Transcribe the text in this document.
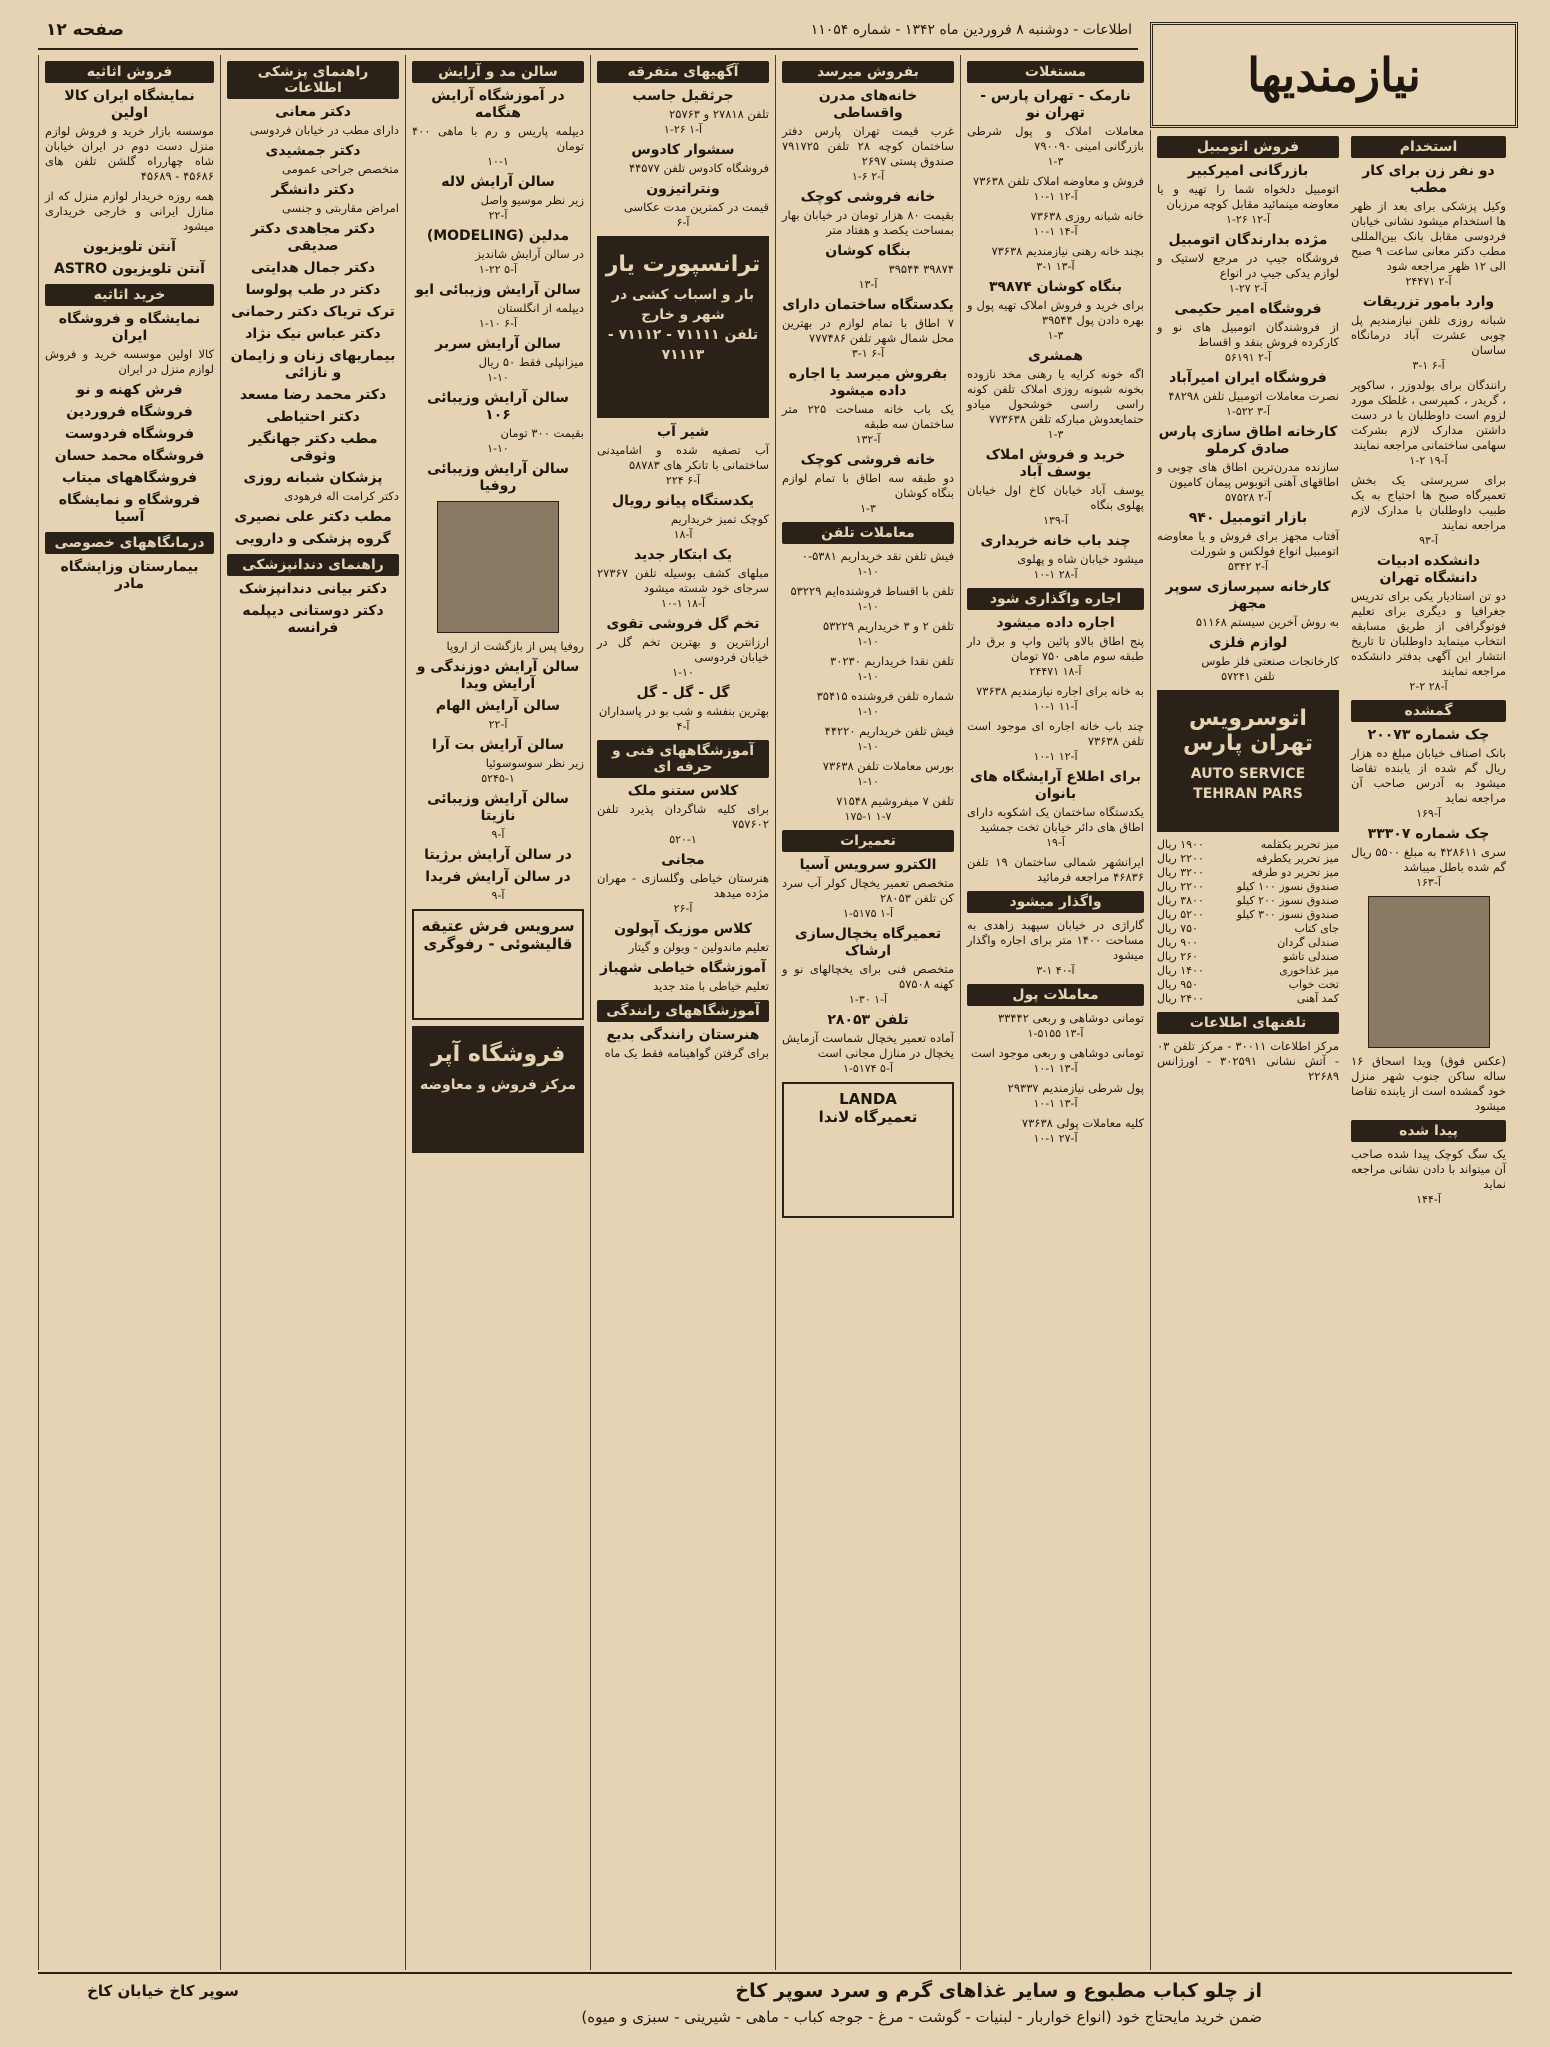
صفحه ۱۲	اطلاعات - دوشنبه ۸ فروردین ماه ۱۳۴۲ - شماره ۱۱۰۵۴
نیازمندیها
استخدام
دو نفر زن برای کار مطب
وکیل پزشکی برای بعد از ظهر ها استخدام میشود نشانی خیابان فردوسی مقابل بانک بین‌المللی مطب دکتر معانی ساعت ۹ صبح الی ۱۲ ظهر مراجعه شود
آ-۲ ۲۴۴۷۱
وارد بامور تزریقات
شبانه روزی تلفن نیازمندیم پل چوبی عشرت آباد درمانگاه ساسان
آ-۶ ۱-۳
رانندگان برای بولدوزر ، ساکوپر ، گریدر ، کمپرسی ، غلطک مورد لزوم است داوطلبان با در دست داشتن مدارک لازم بشرکت سهامی ساختمانی مراجعه نمایند
آ-۱۹ ۲-۱
برای سرپرستی یک بخش تعمیرگاه صبح ها احتیاج به یک طبیب داوطلبان با مدارک لازم مراجعه نمایند
آ-۹۳
دانشکده ادبیات دانشگاه تهران
دو تن استادیار یکی برای تدریس جغرافیا و دیگری برای تعلیم فوتوگرافی از طریق مسابقه انتخاب مینماید داوطلبان تا تاریخ انتشار این آگهی بدفتر دانشکده مراجعه نمایند
آ-۲۸ ۲-۲
گمشده
چک شماره ۲۰۰۷۳
بانک اصناف خیابان مبلغ ده هزار ریال گم شده از یابنده تقاضا میشود به آدرس صاحب آن مراجعه نماید
آ-۱۶۹
چک شماره ۳۳۳۰۷
سری ۴۲۸۶۱۱ به مبلغ ۵۵۰۰ ریال گم شده باطل میباشد
آ-۱۶۳
(عکس فوق) ویدا اسحاق ۱۶ ساله ساکن جنوب شهر منزل خود گمشده است از یابنده تقاضا میشود
پیدا شده
یک سگ کوچک پیدا شده صاحب آن میتواند با دادن نشانی مراجعه نماید
آ-۱۴۴
فروش اتومبیل
بازرگانی امیرکبیر
اتومبیل دلخواه شما را تهیه و یا معاوضه مینمائید مقابل کوچه مرزبان
آ-۱۲ ۲۶-۱
مژده بدارندگان اتومبیل
فروشگاه جیپ در مرجع لاستیک و لوازم یدکی جیپ در انواع
آ-۲ ۲۷-۱
فروشگاه امیر حکیمی
از فروشندگان اتومبیل های نو و کارکرده فروش بنقد و اقساط
آ-۲ ۵۶۱۹۱
فروشگاه ایران امیرآباد
نصرت معاملات اتومبیل تلفن ۴۸۲۹۸
آ-۳ ۵۲۲-۱
کارخانه اطاق سازی پارس صادق کرملو
سازنده مدرن‌ترین اطاق های چوبی و اطاقهای آهنی اتوبوس پیمان کامیون
آ-۲ ۵۷۵۲۸
بازار اتومبیل ۹۴۰
آفتاب مجهز برای فروش و یا معاوضه اتومبیل انواع فولکس و شورلت
آ-۲ ۵۳۴۲
کارخانه سپرسازی سوپر مجهز
به روش آخرین سیستم ۵۱۱۶۸
لوازم فلزی
کارخانجات صنعتی فلز طوس
تلفن ۵۷۲۴۱
اتوسرویس تهران پارس
AUTO SERVICE TEHRAN PARS
میز تحریر یکقلمه
۱۹۰۰ ریال
میز تحریر یکطرفه
۲۲۰۰ ریال
میز تحریر دو طرفه
۳۲۰۰ ریال
صندوق نسوز ۱۰۰ کیلو
۲۲۰۰ ریال
صندوق نسوز ۲۰۰ کیلو
۳۸۰۰ ریال
صندوق نسوز ۳۰۰ کیلو
۵۲۰۰ ریال
جای کتاب
۷۵۰ ریال
صندلی گردان
۹۰۰ ریال
صندلی تاشو
۲۶۰ ریال
میز غذاخوری
۱۴۰۰ ریال
تخت خواب
۹۵۰ ریال
کمد آهنی
۲۴۰۰ ریال
تلفنهای اطلاعات
مرکز اطلاعات ۳۰۰۱۱ - مرکز تلفن ۰۳ - آتش نشانی ۳۰۲۵۹۱ - اورژانس ۲۲۶۸۹
مستغلات
نارمک - تهران پارس - تهران نو
معاملات املاک و پول شرطی بازرگانی امینی ۷۹۰۰۹۰
۱-۳
فروش و معاوضه املاک تلفن ۷۳۶۳۸
آ-۱۲ ۱-۱۰
خانه شبانه روزی ۷۳۶۳۸
آ-۱۴ ۱-۱۰
بچند خانه رهنی نیازمندیم ۷۳۶۳۸
آ-۱۳ ۱-۳
بنگاه کوشان ۳۹۸۷۴
برای خرید و فروش املاک تهیه پول و بهره دادن پول ۳۹۵۴۴
۱-۳
همشری
اگه خونه کرایه یا رهنی مخد نازوده بخونه شبونه روزی املاک تلفن کونه راسی راسی خوشحول میادو حتمایعدوش مبارکه تلفن ۷۷۳۶۳۸
۱-۳
خرید و فروش املاک یوسف آباد
یوسف آباد خیابان کاخ اول خیابان پهلوی بنگاه
آ-۱۳۹
چند باب خانه خریداری
میشود خیابان شاه و پهلوی
آ-۲۸ ۱-۱۰
اجاره واگذاری شود
اجاره داده میشود
پنج اطاق بالاو پائین واپ و برق دار طبقه سوم ماهی ۷۵۰ تومان
آ-۱۸ ۲۴۴۷۱
به خانه برای اجاره نیازمندیم ۷۳۶۳۸
آ-۱۱ ۱-۱۰
چند باب خانه اجاره ای موجود است تلفن ۷۳۶۳۸
آ-۱۲ ۱-۱۰
برای اطلاع آرایشگاه های بانوان
یکدستگاه ساختمان یک اشکوبه دارای اطاق های دائر خیابان تخت جمشید
آ-۱۹
ایرانشهر شمالی ساختمان ۱۹ تلفن ۴۶۸۳۶ مراجعه فرمائید
واگذار میشود
گاراژی در خیابان سپهبد زاهدی به مساحت ۱۴۰۰ متر برای اجاره واگذار میشود
آ-۴۰ ۱-۳
معاملات پول
تومانی دوشاهی و ربعی ۳۳۴۴۲
آ-۱۳ ۵۱۵۵-۱
تومانی دوشاهی و ربعی موجود است
آ-۱۳ ۱-۱۰
پول شرطی نیازمندیم ۲۹۳۳۷
آ-۱۳ ۱-۱۰
کلیه معاملات پولی ۷۳۶۳۸
آ-۲۷ ۱-۱۰
بفروش میرسد
خانه‌های مدرن واقساطی
غرب قیمت تهران پارس دفتر ساختمان کوچه ۲۸ تلفن ۷۹۱۷۲۵ صندوق پستی ۲۶۹۷
آ-۲ ۶-۱
خانه فروشی کوچک
بقیمت ۸۰ هزار تومان در خیابان بهار بمساحت یکصد و هفتاد متر
بنگاه کوشان
۳۹۸۷۴ ۳۹۵۴۴
آ-۱۳
یکدستگاه ساختمان دارای
۷ اطاق با تمام لوازم در بهترین محل شمال شهر تلفن ۷۷۷۴۸۶
آ-۶ ۱-۳
بفروش میرسد یا اجاره داده میشود
یک باب خانه مساحت ۲۲۵ متر ساختمان سه طبقه
آ-۱۳۲
خانه فروشی کوچک
دو طبقه سه اطاق با تمام لوازم بنگاه کوشان
۱-۳
معاملات تلفن
فیش تلفن نقد خریداریم ۵۳۸۱-۰
۱-۱۰
تلفن با اقساط فروشنده‌ایم ۵۳۲۲۹
۱-۱۰
تلفن ۲ و ۳ خریداریم ۵۳۲۲۹
۱-۱۰
تلفن نقدا خریداریم ۳۰۲۳۰
۱-۱۰
شماره تلفن فروشنده ۳۵۴۱۵
۱-۱۰
فیش تلفن خریداریم ۴۴۲۲۰
۱-۱۰
بورس معاملات تلفن ۷۳۶۳۸
۱-۱۰
تلفن ۷ میفروشیم ۷۱۵۴۸
۱-۷ ۱۷۵-۱
تعمیرات
الکترو سرویس آسیا
متخصص تعمیر یخچال کولر آب سرد کن تلفن ۲۸۰۵۳
آ-۱ ۵۱۷۵-۱
تعمیرگاه یخچال‌سازی ارشاک
متخصص فنی برای یخچالهای نو و کهنه ۵۷۵۰۸
آ-۱ ۳۰-۱
تلفن ۲۸۰۵۳
آماده تعمیر یخچال شماست آزمایش یخچال در منازل مجانی است
آ-۵ ۵۱۷۴-۱
LANDA
تعمیرگاه لاندا
آگهیهای متفرقه
جرثقیل جاسب
تلفن ۲۷۸۱۸ و ۲۵۷۶۳
آ-۱ ۲۶-۱
سشوار کادوس
فروشگاه کادوس تلفن ۴۴۵۷۷
ونتراتیزون
قیمت در کمترین مدت عکاسی
آ-۶
ترانسپورت یار
بار و اسباب کشی در شهر و خارج
تلفن ۷۱۱۱۱ - ۷۱۱۱۲ - ۷۱۱۱۳
شیر آب
آب تصفیه شده و اشامیدنی ساختمانی با تانکر های ۵۸۷۸۳
آ-۶ ۲۲۴
یکدستگاه پیانو رویال
کوچک تمیز خریداریم
آ-۱۸
یک ابتکار جدید
مبلهای کشف بوسیله تلفن ۲۷۳۶۷ سرجای خود شسته میشود
آ-۱۸ ۱-۱۰
تخم گل فروشی تقوی
ارزانترین و بهترین تخم گل در خیابان فردوسی
۱-۱۰
گل - گل - گل
بهترین بنفشه و شب بو در پاسداران
آ-۴
آموزشگاههای فنی و حرفه ای
کلاس ستنو ملک
برای کلیه شاگردان پذیرد تلفن ۷۵۷۶۰۲
۵۲۰-۱
مجانی
هنرستان خیاطی وگلسازی - مهران مژده میدهد
آ-۲۶
کلاس موزیک آپولون
تعلیم ماندولین - ویولن و گیتار
آموزشگاه خیاطی شهباز
تعلیم خیاطی با متد جدید
آموزشگاههای رانندگی
هنرستان رانندگی بدیع
برای گرفتن گواهینامه فقط یک ماه
سالن مد و آرایش
در آموزشگاه آرایش هنگامه
دیپلمه پاریس و رم با ماهی ۴۰۰ تومان
۱۰-۱
سالن آرایش لاله
زیر نظر موسیو واصل
آ-۲۲
مدلین (MODELING)
در سالن آرایش شاندیز
آ-۵ ۲۲-۱
سالن آرایش وزیبائی ایو
دیپلمه از انگلستان
آ-۶ ۱۰-۱
سالن آرایش سربر
میزانپلی فقط ۵۰ ریال
۱-۱۰
سالن آرایش وزیبائی ۱۰۶
بقیمت ۳۰۰ تومان
۱-۱۰
سالن آرایش وزیبائی روفیا
روفیا پس از بازگشت از اروپا
سالن آرایش دوزندگی و آرایش ویدا
سالن آرایش الهام
آ-۲۲
سالن آرایش بت آرا
زیر نظر سوسوسوئیا
۵۲۴۵-۱
سالن آرایش وزیبائی نازیتا
آ-۹
در سالن آرایش برژیتا
در سالن آرایش فریدا
آ-۹
سرویس فرش عتیقه
قالیشوئی - رفوگری
فروشگاه آپر
مرکز فروش و معاوضه
راهنمای پزشکی اطلاعات
دکتر معانی
دارای مطب در خیابان فردوسی
دکتر جمشیدی
متخصص جراحی عمومی
دکتر دانشگر
امراض مقاربتی و جنسی
دکتر مجاهدی دکتر صدیقی
دکتر جمال هدایتی
دکتر در طب پولوسا
ترک تریاک دکتر رحمانی
دکتر عباس نیک نژاد
بیماریهای زنان و زایمان و نازائی
دکتر محمد رضا مسعد
دکتر احتیاطی
مطب دکتر جهانگیر وثوقی
پزشکان شبانه روزی
دکتر کرامت اله فرهودی
مطب دکتر علی نصیری
گروه پزشکی و دارویی
راهنمای دندانپزشکی
دکتر بیانی دندانپزشک
دکتر دوستانی دیپلمه فرانسه
فروش اثاثیه
نمایشگاه ایران کالا اولین
موسسه بازار خرید و فروش لوازم منزل دست دوم در ایران خیابان شاه چهارراه گلشن تلفن های ۴۵۶۸۶ - ۴۵۶۸۹
همه روزه خریدار لوازم منزل که از منازل ایرانی و خارجی خریداری میشود
آنتن تلویزیون
آنتن تلویزیون ASTRO
خرید اثاثیه
نمایشگاه و فروشگاه ایران
کالا اولین موسسه خرید و فروش لوازم منزل در ایران
فرش کهنه و نو
فروشگاه فروردین
فروشگاه فردوست
فروشگاه محمد حسان
فروشگاههای میتاب
فروشگاه و نمایشگاه آسیا
درمانگاههای خصوصی
بیمارستان وزایشگاه مادر
از چلو کباب مطبوع و سایر غذاهای گرم و سرد سوپر کاخ
ضمن خرید مایحتاج خود (انواع خواربار - لبنیات - گوشت - مرغ - جوجه کباب - ماهی - شیرینی - سبزی و میوه)
سوپر کاخ خیابان کاخ
